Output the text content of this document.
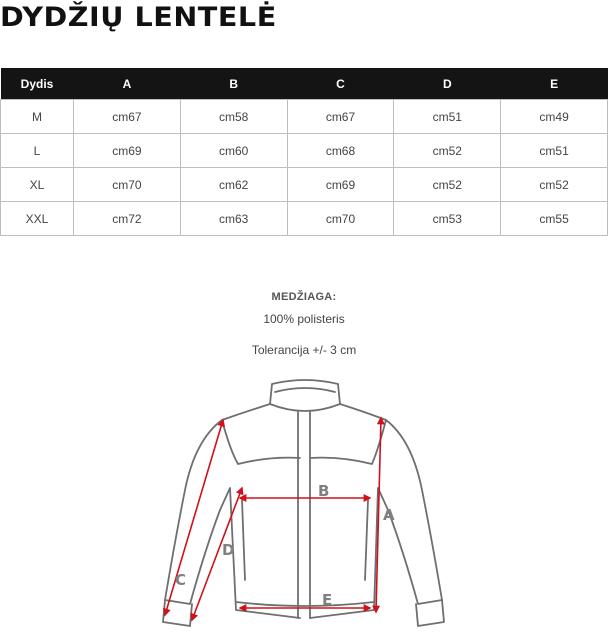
DYDŽIŲ LENTELĖ
Dydis	A	B	C	D	E
M	cm67	cm58	cm67	cm51	cm49
L	cm69	cm60	cm68	cm52	cm51
XL	cm70	cm62	cm69	cm52	cm52
XXL	cm72	cm63	cm70	cm53	cm55
MEDŽIAGA:
100% polisteris
Tolerancija +/- 3 cm
A
B
C
D
E
